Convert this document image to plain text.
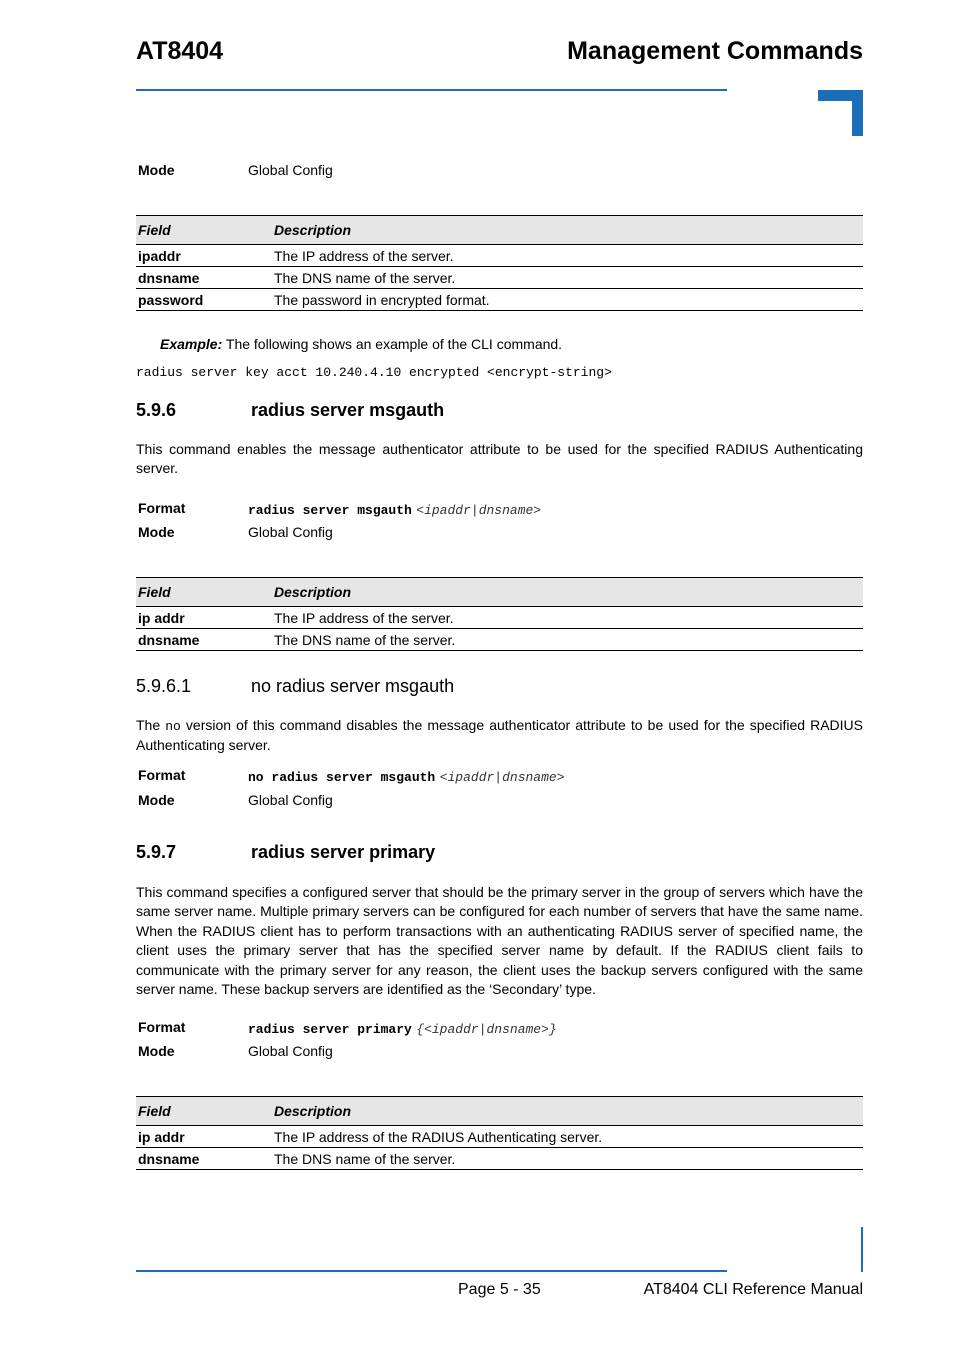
AT8404	Management Commands
Mode	Global Config
Field	Description
ipaddr	The IP address of the server.
dnsname	The DNS name of the server.
password	The password in encrypted format.
Example: The following shows an example of the CLI command.
radius server key acct 10.240.4.10 encrypted <encrypt-string>
5.9.6	radius server msgauth
This command enables the message authenticator attribute to be used for the specified RADIUS Authenticating server.
Format	radius server msgauth <ipaddr|dnsname>
Mode	Global Config
Field	Description
ip addr	The IP address of the server.
dnsname	The DNS name of the server.
5.9.6.1	no radius server msgauth
The no version of this command disables the message authenticator attribute to be used for the specified RADIUS Authenticating server.
Format	no radius server msgauth <ipaddr|dnsname>
Mode	Global Config
5.9.7	radius server primary
This command specifies a configured server that should be the primary server in the group of servers which have the same server name. Multiple primary servers can be configured for each number of servers that have the same name. When the RADIUS client has to perform transactions with an authenticating RADIUS server of specified name, the client uses the primary server that has the specified server name by default. If the RADIUS client fails to communicate with the primary server for any reason, the client uses the backup servers configured with the same server name. These backup servers are identified as the ‘Secondary’ type.
Format	radius server primary {<ipaddr|dnsname>}
Mode	Global Config
Field	Description
ip addr	The IP address of the RADIUS Authenticating server.
dnsname	The DNS name of the server.
Page 5 - 35	AT8404 CLI Reference Manual
